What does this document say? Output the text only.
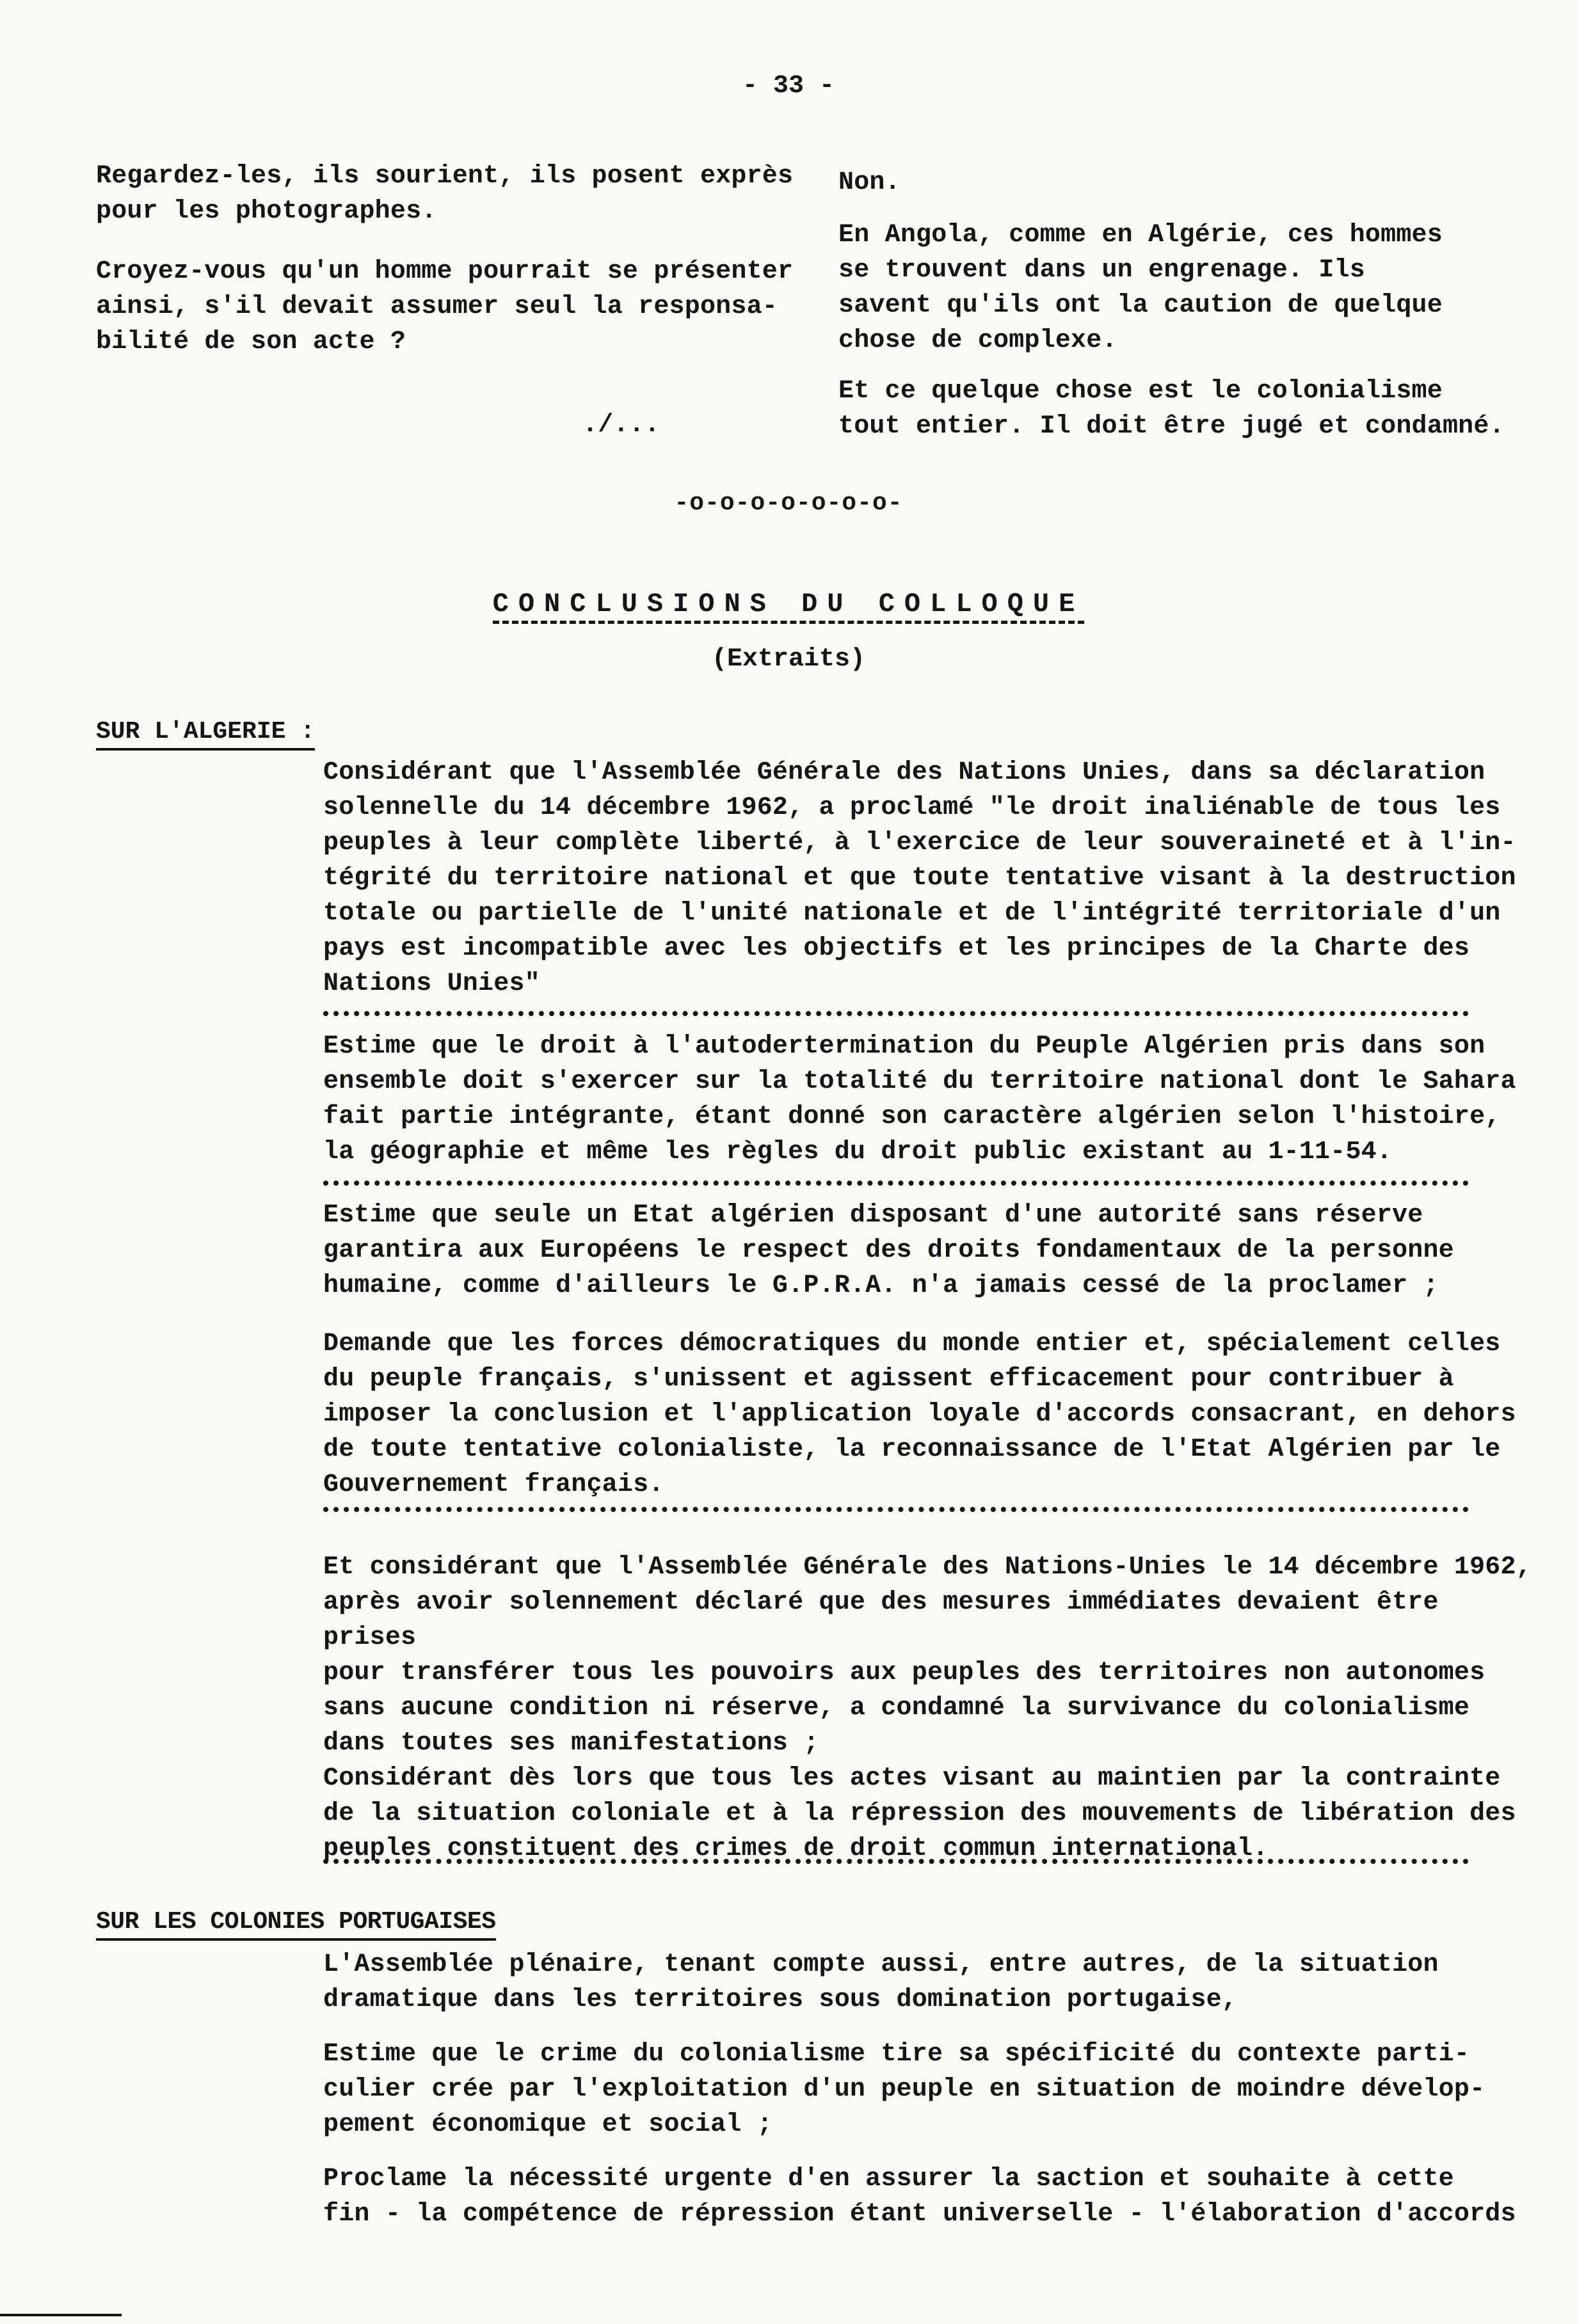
- 33 -
Regardez-les, ils sourient, ils posent exprès
pour les photographes.
Croyez-vous qu'un homme pourrait se présenter
ainsi, s'il devait assumer seul la responsa-
bilité de son acte ?
./...
Non.
En Angola, comme en Algérie, ces hommes
se trouvent dans un engrenage. Ils
savent qu'ils ont la caution de quelque
chose de complexe.
Et ce quelque chose est le colonialisme
tout entier. Il doit être jugé et condamné.
-o-o-o-o-o-o-o-
CONCLUSIONS DU COLLOQUE
(Extraits)
SUR L'ALGERIE :
Considérant que l'Assemblée Générale des Nations Unies, dans sa déclaration
solennelle du 14 décembre 1962, a proclamé "le droit inaliénable de tous les
peuples à leur complète liberté, à l'exercice de leur souveraineté et à l'in-
tégrité du territoire national et que toute tentative visant à la destruction
totale ou partielle de l'unité nationale et de l'intégrité territoriale d'un
pays est incompatible avec les objectifs et les principes de la Charte des
Nations Unies"
Estime que le droit à l'autodertermination du Peuple Algérien pris dans son
ensemble doit s'exercer sur la totalité du territoire national dont le Sahara
fait partie intégrante, étant donné son caractère algérien selon l'histoire,
la géographie et même les règles du droit public existant au 1-11-54.
Estime que seule un Etat algérien disposant d'une autorité sans réserve
garantira aux Européens le respect des droits fondamentaux de la personne
humaine, comme d'ailleurs le G.P.R.A. n'a jamais cessé de la proclamer ;
Demande que les forces démocratiques du monde entier et, spécialement celles
du peuple français, s'unissent et agissent efficacement pour contribuer à
imposer la conclusion et l'application loyale d'accords consacrant, en dehors
de toute tentative colonialiste, la reconnaissance de l'Etat Algérien par le
Gouvernement français.
Et considérant que l'Assemblée Générale des Nations-Unies le 14 décembre 1962,
après avoir solennement déclaré que des mesures immédiates devaient être prises
pour transférer tous les pouvoirs aux peuples des territoires non autonomes
sans aucune condition ni réserve, a condamné la survivance du colonialisme
dans toutes ses manifestations ;
Considérant dès lors que tous les actes visant au maintien par la contrainte
de la situation coloniale et à la répression des mouvements de libération des
peuples constituent des crimes de droit commun international.
SUR LES COLONIES PORTUGAISES
L'Assemblée plénaire, tenant compte aussi, entre autres, de la situation
dramatique dans les territoires sous domination portugaise,
Estime que le crime du colonialisme tire sa spécificité du contexte parti-
culier crée par l'exploitation d'un peuple en situation de moindre dévelop-
pement économique et social ;
Proclame la nécessité urgente d'en assurer la saction et souhaite à cette
fin - la compétence de répression étant universelle - l'élaboration d'accords
